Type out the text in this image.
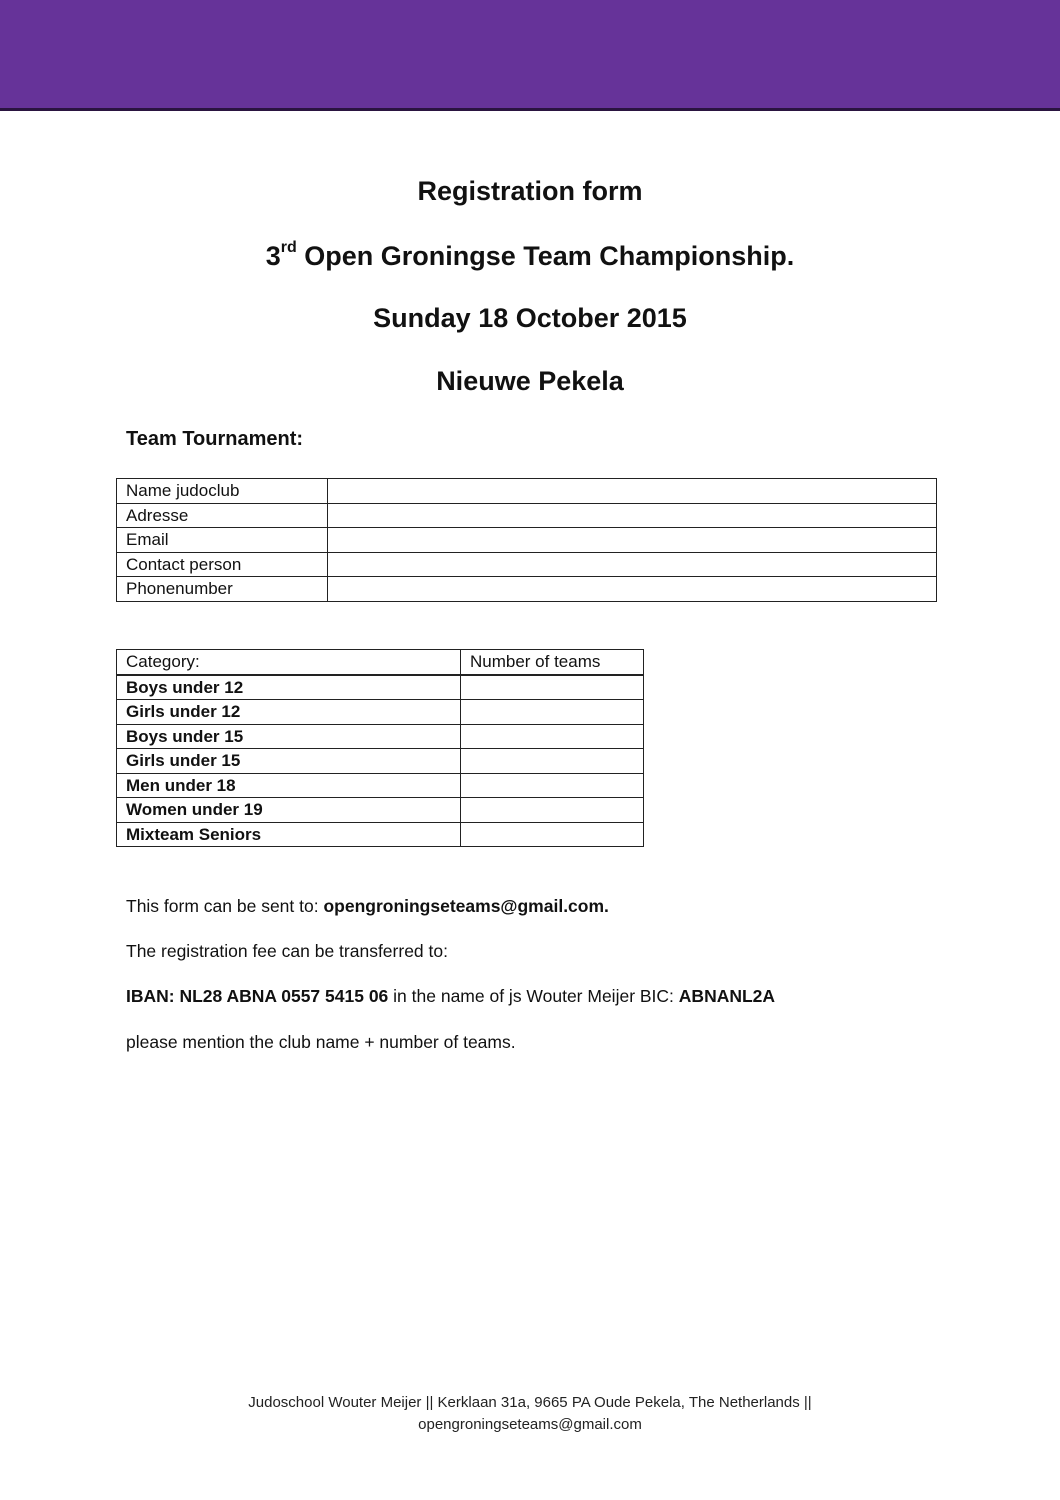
Registration form
3rd Open Groningse Team Championship.
Sunday 18 October 2015
Nieuwe Pekela
Team Tournament:
Name judoclub	
Adresse	
Email	
Contact person	
Phonenumber	
Category:	Number of teams
Boys under 12	
Girls under 12	
Boys under 15	
Girls under 15	
Men under 18	
Women under 19	
Mixteam Seniors	
This form can be sent to: opengroningseteams@gmail.com.
The registration fee can be transferred to:
IBAN: NL28 ABNA 0557 5415 06 in the name of js Wouter Meijer BIC: ABNANL2A
please mention the club name + number of teams.
Judoschool Wouter Meijer || Kerklaan 31a, 9665 PA Oude Pekela, The Netherlands ||
opengroningseteams@gmail.com
